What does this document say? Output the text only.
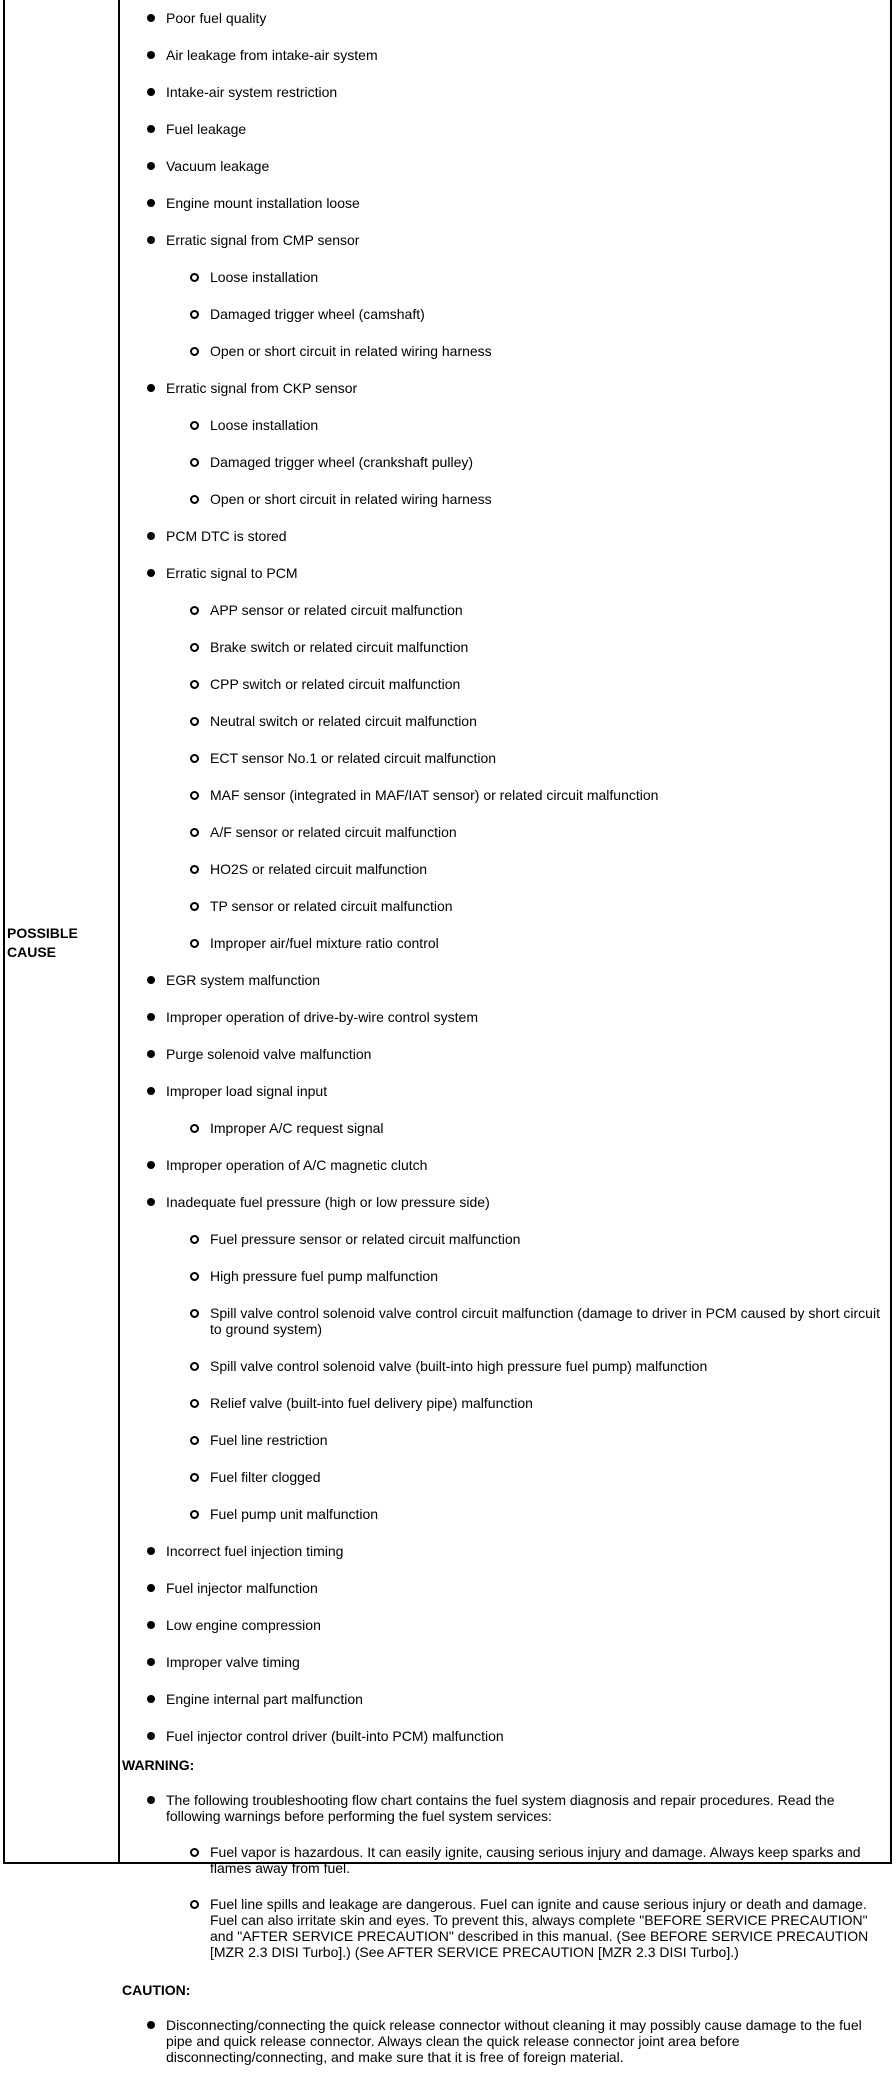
POSSIBLE CAUSE
Poor fuel quality
Air leakage from intake-air system
Intake-air system restriction
Fuel leakage
Vacuum leakage
Engine mount installation loose
Erratic signal from CMP sensor
Loose installation
Damaged trigger wheel (camshaft)
Open or short circuit in related wiring harness
Erratic signal from CKP sensor
Loose installation
Damaged trigger wheel (crankshaft pulley)
Open or short circuit in related wiring harness
PCM DTC is stored
Erratic signal to PCM
APP sensor or related circuit malfunction
Brake switch or related circuit malfunction
CPP switch or related circuit malfunction
Neutral switch or related circuit malfunction
ECT sensor No.1 or related circuit malfunction
MAF sensor (integrated in MAF/IAT sensor) or related circuit malfunction
A/F sensor or related circuit malfunction
HO2S or related circuit malfunction
TP sensor or related circuit malfunction
Improper air/fuel mixture ratio control
EGR system malfunction
Improper operation of drive-by-wire control system
Purge solenoid valve malfunction
Improper load signal input
Improper A/C request signal
Improper operation of A/C magnetic clutch
Inadequate fuel pressure (high or low pressure side)
Fuel pressure sensor or related circuit malfunction
High pressure fuel pump malfunction
Spill valve control solenoid valve control circuit malfunction (damage to driver in PCM caused by short circuit to ground system)
Spill valve control solenoid valve (built-into high pressure fuel pump) malfunction
Relief valve (built-into fuel delivery pipe) malfunction
Fuel line restriction
Fuel filter clogged
Fuel pump unit malfunction
Incorrect fuel injection timing
Fuel injector malfunction
Low engine compression
Improper valve timing
Engine internal part malfunction
Fuel injector control driver (built-into PCM) malfunction
WARNING:
The following troubleshooting flow chart contains the fuel system diagnosis and repair procedures. Read the following warnings before performing the fuel system services:
Fuel vapor is hazardous. It can easily ignite, causing serious injury and damage. Always keep sparks and flames away from fuel.
Fuel line spills and leakage are dangerous. Fuel can ignite and cause serious injury or death and damage. Fuel can also irritate skin and eyes. To prevent this, always complete "BEFORE SERVICE PRECAUTION" and "AFTER SERVICE PRECAUTION" described in this manual. (See BEFORE SERVICE PRECAUTION [MZR 2.3 DISI Turbo].) (See AFTER SERVICE PRECAUTION [MZR 2.3 DISI Turbo].)
CAUTION:
Disconnecting/connecting the quick release connector without cleaning it may possibly cause damage to the fuel pipe and quick release connector. Always clean the quick release connector joint area before disconnecting/connecting, and make sure that it is free of foreign material.
